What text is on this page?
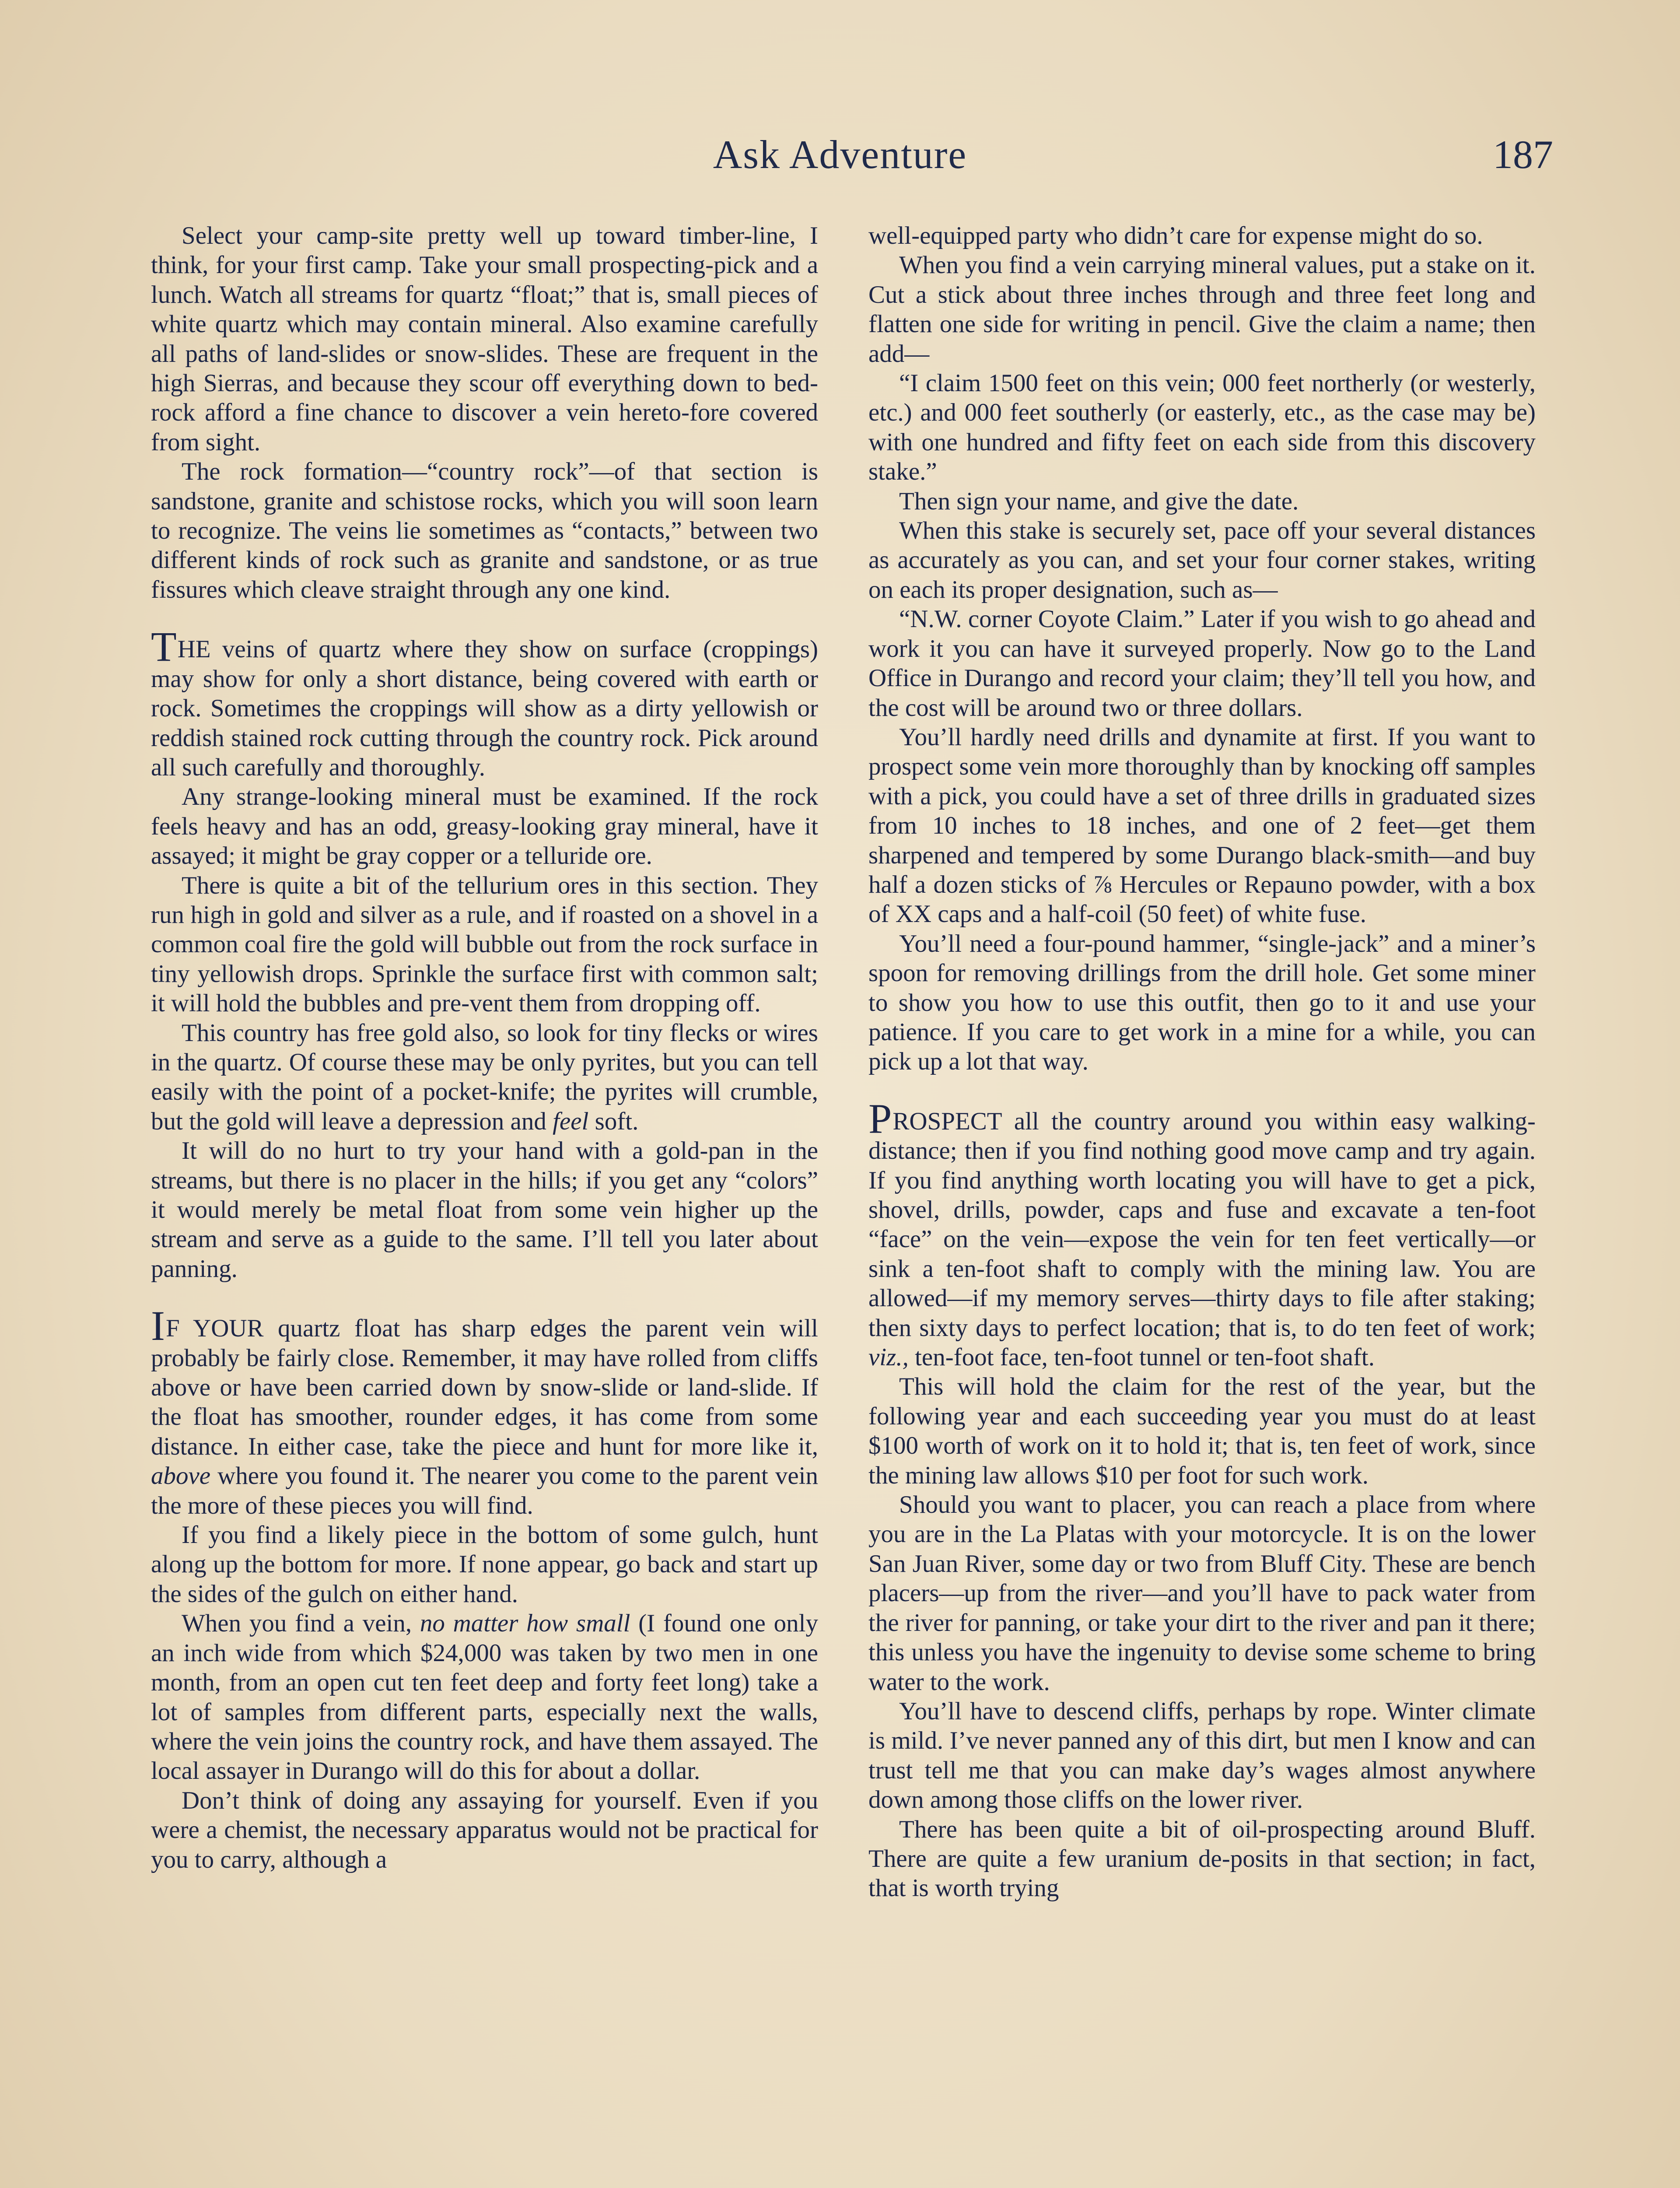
Ask Adventure	187

Select your camp-site pretty well up toward timber-line, I think, for your first camp. Take your small prospecting-pick and a lunch. Watch all streams for quartz “float;” that is, small pieces of white quartz which may contain mineral. Also examine carefully all paths of land-slides or snow-slides. These are frequent in the high Sierras, and because they scour off everything down to bed-rock afford a fine chance to discover a vein hereto-fore covered from sight.

The rock formation—“country rock”—of that section is sandstone, granite and schistose rocks, which you will soon learn to recognize. The veins lie sometimes as “contacts,” between two different kinds of rock such as granite and sandstone, or as true fissures which cleave straight through any one kind.

THE veins of quartz where they show on surface (croppings) may show for only a short distance, being covered with earth or rock. Sometimes the croppings will show as a dirty yellowish or reddish stained rock cutting through the country rock. Pick around all such carefully and thoroughly.

Any strange-looking mineral must be examined. If the rock feels heavy and has an odd, greasy-looking gray mineral, have it assayed; it might be gray copper or a telluride ore.

There is quite a bit of the tellurium ores in this section. They run high in gold and silver as a rule, and if roasted on a shovel in a common coal fire the gold will bubble out from the rock surface in tiny yellowish drops. Sprinkle the surface first with common salt; it will hold the bubbles and pre-vent them from dropping off.

This country has free gold also, so look for tiny flecks or wires in the quartz. Of course these may be only pyrites, but you can tell easily with the point of a pocket-knife; the pyrites will crumble, but the gold will leave a depression and feel soft.

It will do no hurt to try your hand with a gold-pan in the streams, but there is no placer in the hills; if you get any “colors” it would merely be metal float from some vein higher up the stream and serve as a guide to the same. I’ll tell you later about panning.

IF YOUR quartz float has sharp edges the parent vein will probably be fairly close. Remember, it may have rolled from cliffs above or have been carried down by snow-slide or land-slide. If the float has smoother, rounder edges, it has come from some distance. In either case, take the piece and hunt for more like it, above where you found it. The nearer you come to the parent vein the more of these pieces you will find.

If you find a likely piece in the bottom of some gulch, hunt along up the bottom for more. If none appear, go back and start up the sides of the gulch on either hand.

When you find a vein, no matter how small (I found one only an inch wide from which $24,000 was taken by two men in one month, from an open cut ten feet deep and forty feet long) take a lot of samples from different parts, especially next the walls, where the vein joins the country rock, and have them assayed. The local assayer in Durango will do this for about a dollar.

Don’t think of doing any assaying for yourself. Even if you were a chemist, the necessary apparatus would not be practical for you to carry, although a

well-equipped party who didn’t care for expense might do so.

When you find a vein carrying mineral values, put a stake on it. Cut a stick about three inches through and three feet long and flatten one side for writing in pencil. Give the claim a name; then add—

“I claim 1500 feet on this vein; 000 feet northerly (or westerly, etc.) and 000 feet southerly (or easterly, etc., as the case may be) with one hundred and fifty feet on each side from this discovery stake.”

Then sign your name, and give the date.

When this stake is securely set, pace off your several distances as accurately as you can, and set your four corner stakes, writing on each its proper designation, such as—

“N.W. corner Coyote Claim.” Later if you wish to go ahead and work it you can have it surveyed properly. Now go to the Land Office in Durango and record your claim; they’ll tell you how, and the cost will be around two or three dollars.

You’ll hardly need drills and dynamite at first. If you want to prospect some vein more thoroughly than by knocking off samples with a pick, you could have a set of three drills in graduated sizes from 10 inches to 18 inches, and one of 2 feet—get them sharpened and tempered by some Durango black-smith—and buy half a dozen sticks of ⅞ Hercules or Repauno powder, with a box of XX caps and a half-coil (50 feet) of white fuse.

You’ll need a four-pound hammer, “single-jack” and a miner’s spoon for removing drillings from the drill hole. Get some miner to show you how to use this outfit, then go to it and use your patience. If you care to get work in a mine for a while, you can pick up a lot that way.

PROSPECT all the country around you within easy walking-distance; then if you find nothing good move camp and try again. If you find anything worth locating you will have to get a pick, shovel, drills, powder, caps and fuse and excavate a ten-foot “face” on the vein—expose the vein for ten feet vertically—or sink a ten-foot shaft to comply with the mining law. You are allowed—if my memory serves—thirty days to file after staking; then sixty days to perfect location; that is, to do ten feet of work; viz., ten-foot face, ten-foot tunnel or ten-foot shaft.

This will hold the claim for the rest of the year, but the following year and each succeeding year you must do at least $100 worth of work on it to hold it; that is, ten feet of work, since the mining law allows $10 per foot for such work.

Should you want to placer, you can reach a place from where you are in the La Platas with your motorcycle. It is on the lower San Juan River, some day or two from Bluff City. These are bench placers—up from the river—and you’ll have to pack water from the river for panning, or take your dirt to the river and pan it there; this unless you have the ingenuity to devise some scheme to bring water to the work.

You’ll have to descend cliffs, perhaps by rope. Winter climate is mild. I’ve never panned any of this dirt, but men I know and can trust tell me that you can make day’s wages almost anywhere down among those cliffs on the lower river.

There has been quite a bit of oil-prospecting around Bluff. There are quite a few uranium de-posits in that section; in fact, that is worth trying
